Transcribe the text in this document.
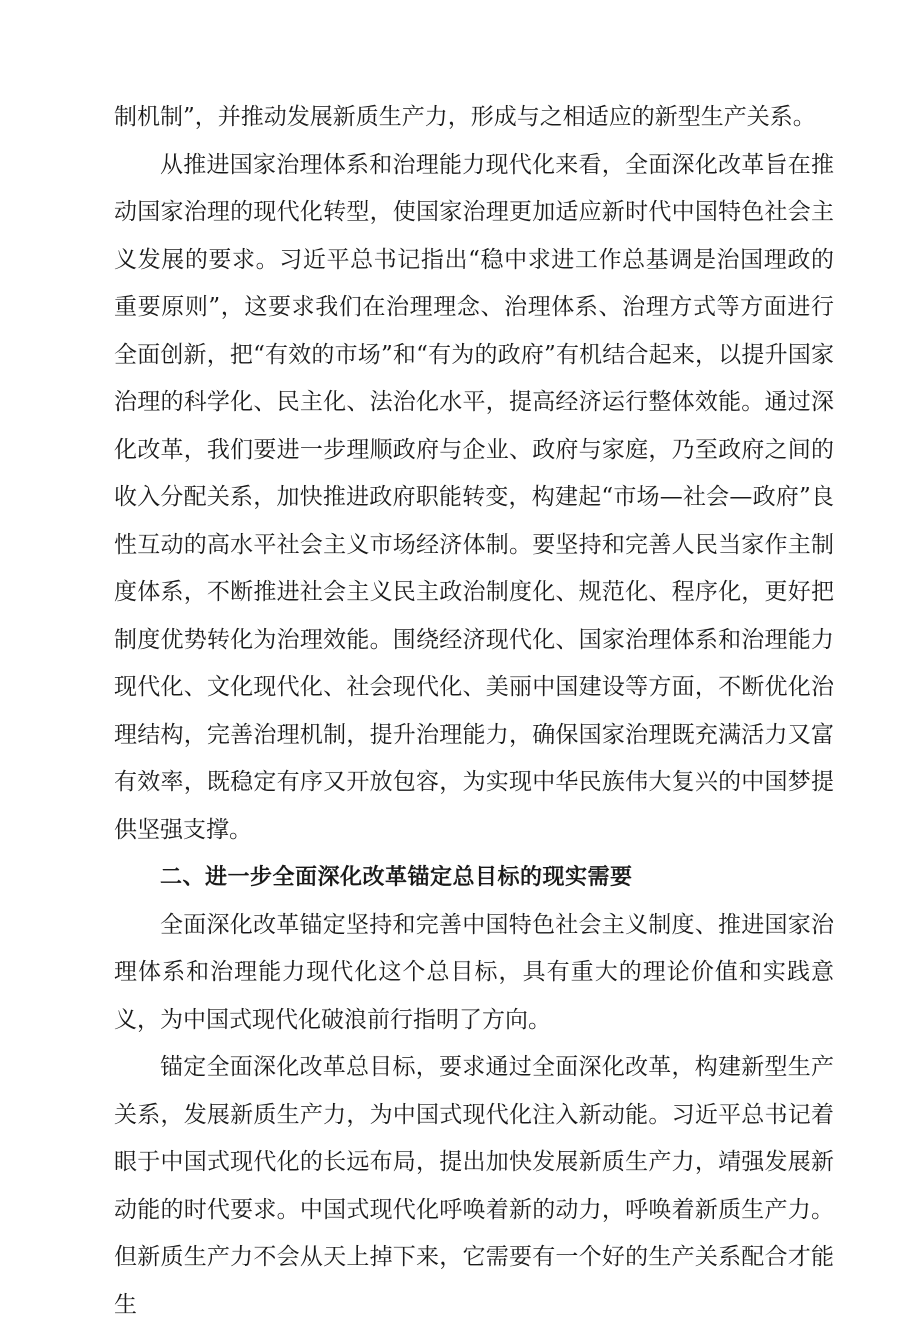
制机制”，并推动发展新质生产力，形成与之相适应的新型生产关系。

从推进国家治理体系和治理能力现代化来看，全面深化改革旨在推动国家治理的现代化转型，使国家治理更加适应新时代中国特色社会主义发展的要求。习近平总书记指出“稳中求进工作总基调是治国理政的重要原则”，这要求我们在治理理念、治理体系、治理方式等方面进行全面创新，把“有效的市场”和“有为的政府”有机结合起来，以提升国家治理的科学化、民主化、法治化水平，提高经济运行整体效能。通过深化改革，我们要进一步理顺政府与企业、政府与家庭，乃至政府之间的收入分配关系，加快推进政府职能转变，构建起“市场—社会—政府”良性互动的高水平社会主义市场经济体制。要坚持和完善人民当家作主制度体系，不断推进社会主义民主政治制度化、规范化、程序化，更好把制度优势转化为治理效能。围绕经济现代化、国家治理体系和治理能力现代化、文化现代化、社会现代化、美丽中国建设等方面，不断优化治理结构，完善治理机制，提升治理能力，确保国家治理既充满活力又富有效率，既稳定有序又开放包容，为实现中华民族伟大复兴的中国梦提供坚强支撑。

二、进一步全面深化改革锚定总目标的现实需要

全面深化改革锚定坚持和完善中国特色社会主义制度、推进国家治理体系和治理能力现代化这个总目标，具有重大的理论价值和实践意义，为中国式现代化破浪前行指明了方向。

锚定全面深化改革总目标，要求通过全面深化改革，构建新型生产关系，发展新质生产力，为中国式现代化注入新动能。习近平总书记着眼于中国式现代化的长远布局，提出加快发展新质生产力，靖强发展新动能的时代要求。中国式现代化呼唤着新的动力，呼唤着新质生产力。但新质生产力不会从天上掉下来，它需要有一个好的生产关系配合才能生
